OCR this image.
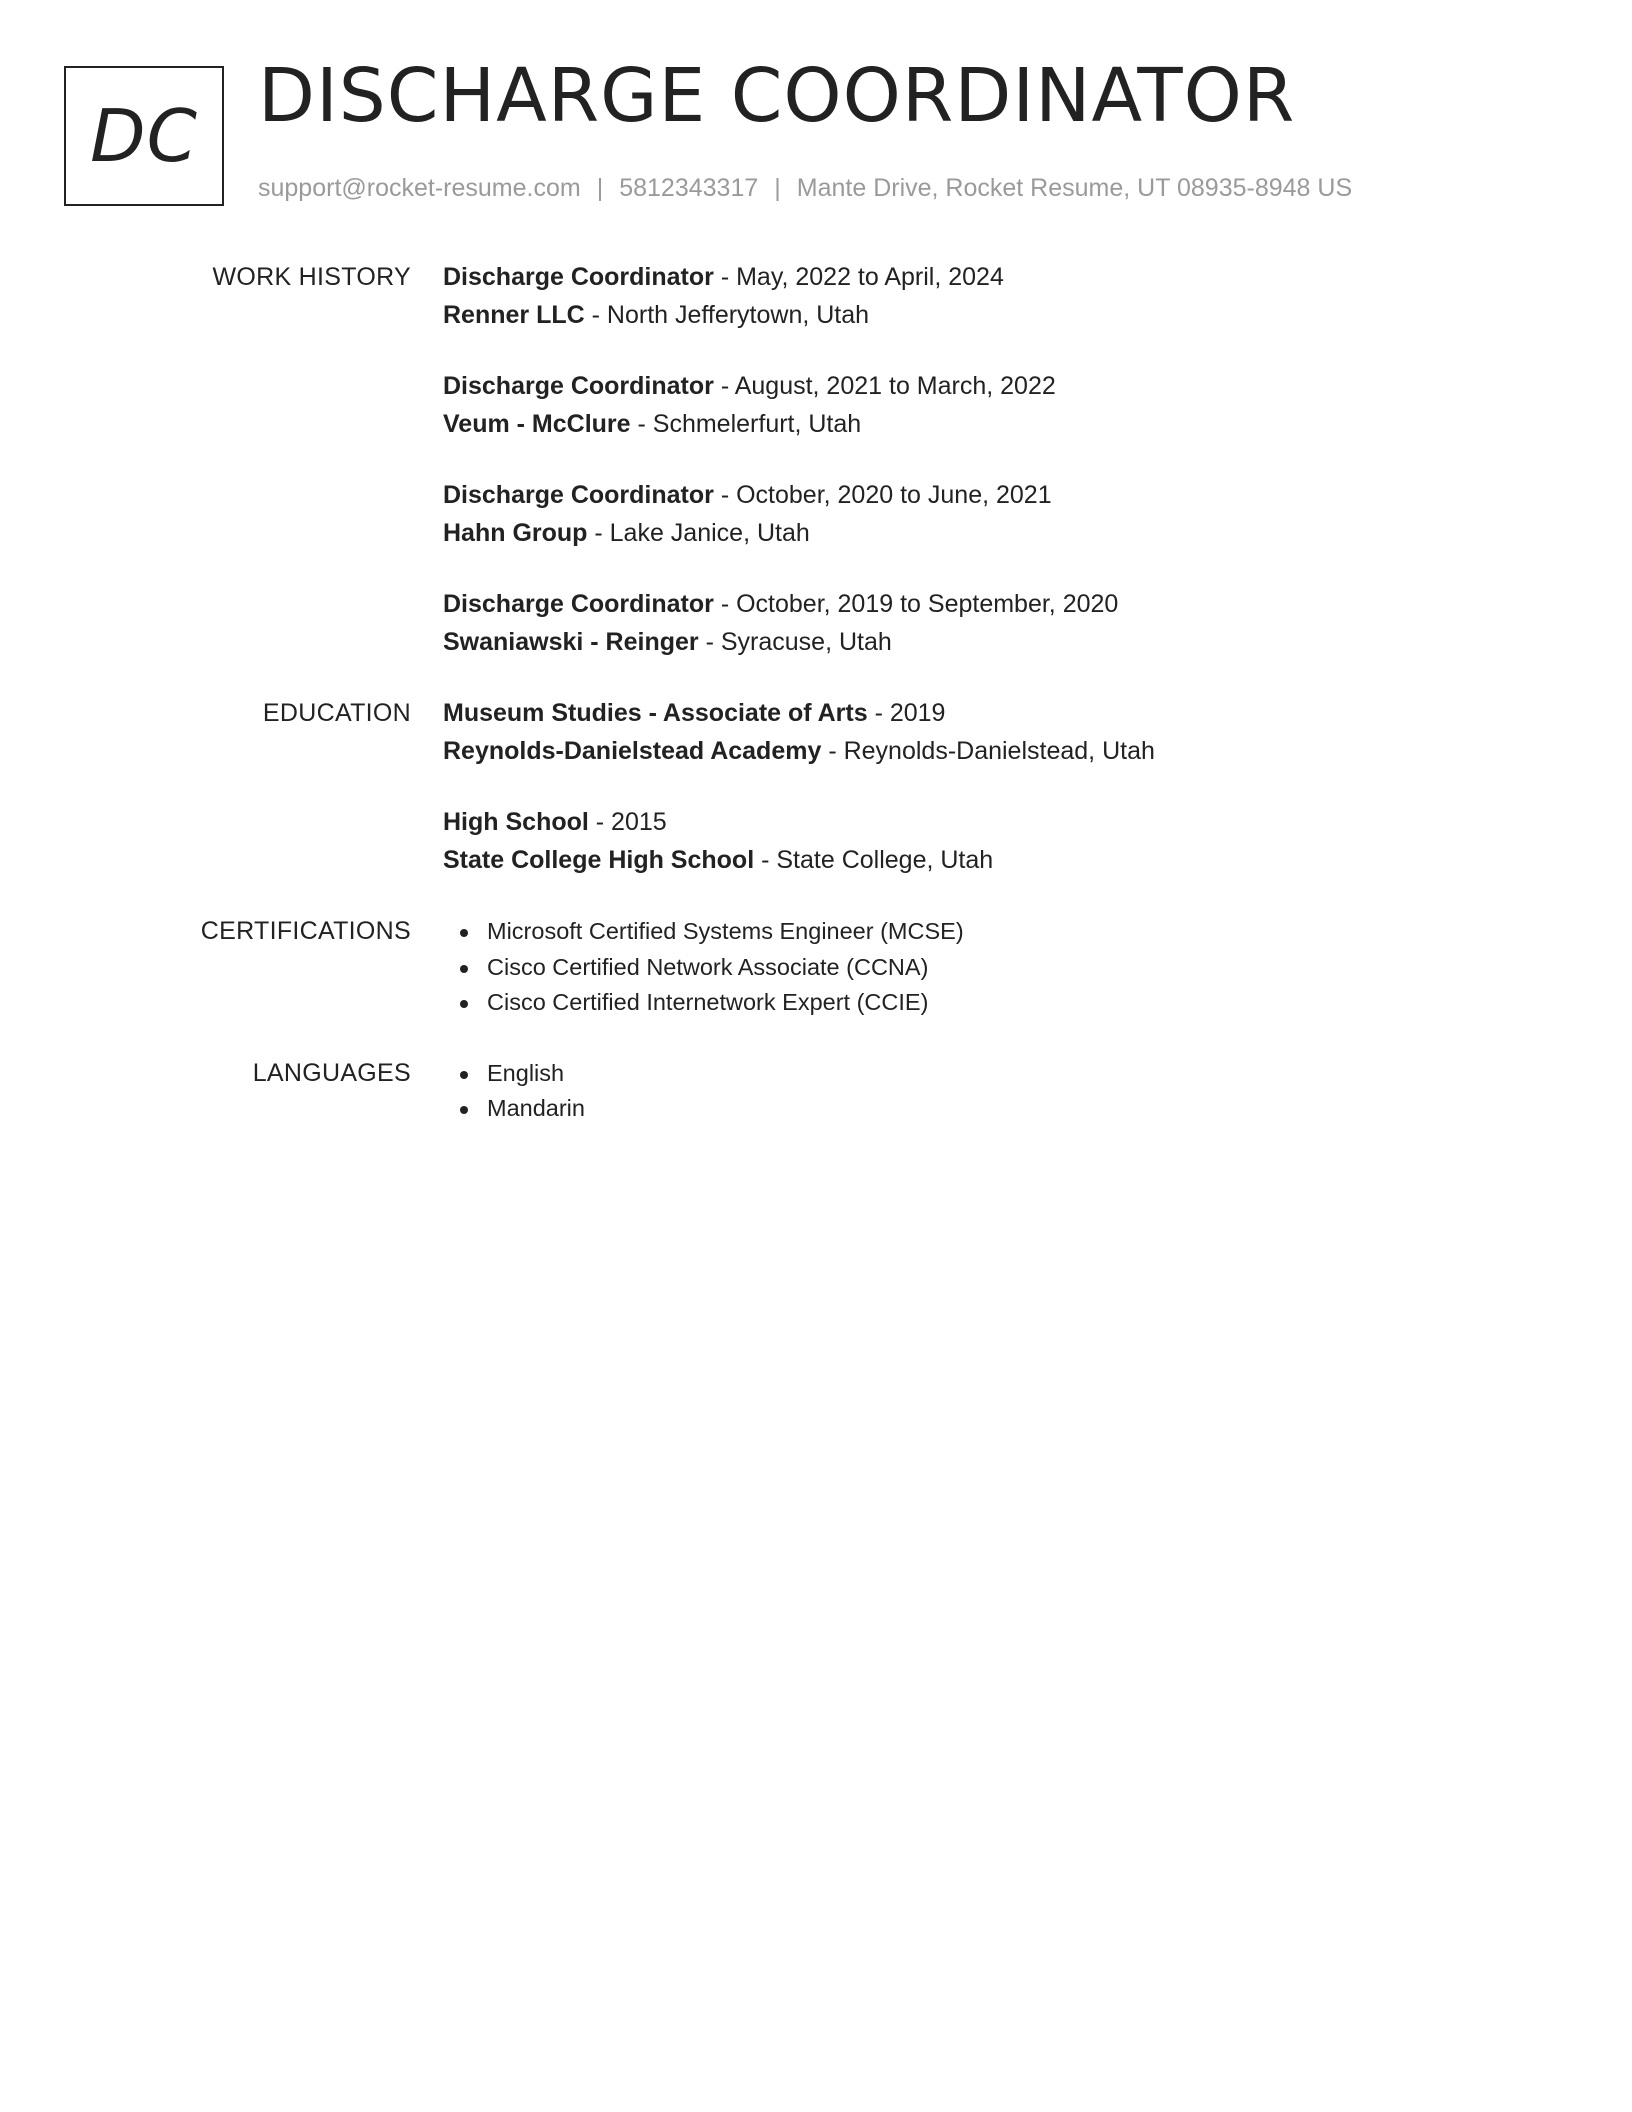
DC DISCHARGE COORDINATOR
support@rocket-resume.com | 5812343317 | Mante Drive, Rocket Resume, UT 08935-8948 US
WORK HISTORY Discharge Coordinator - May, 2022 to April, 2024
Renner LLC - North Jefferytown, Utah
Discharge Coordinator - August, 2021 to March, 2022
Veum - McClure - Schmelerfurt, Utah
Discharge Coordinator - October, 2020 to June, 2021
Hahn Group - Lake Janice, Utah
Discharge Coordinator - October, 2019 to September, 2020
Swaniawski - Reinger - Syracuse, Utah
EDUCATION Museum Studies - Associate of Arts - 2019
Reynolds-Danielstead Academy - Reynolds-Danielstead, Utah
High School - 2015
State College High School - State College, Utah
CERTIFICATIONS	Microsoft Certified Systems Engineer (MCSE)
Cisco Certified Network Associate (CCNA)
Cisco Certified Internetwork Expert (CCIE)
LANGUAGES	English
Mandarin
